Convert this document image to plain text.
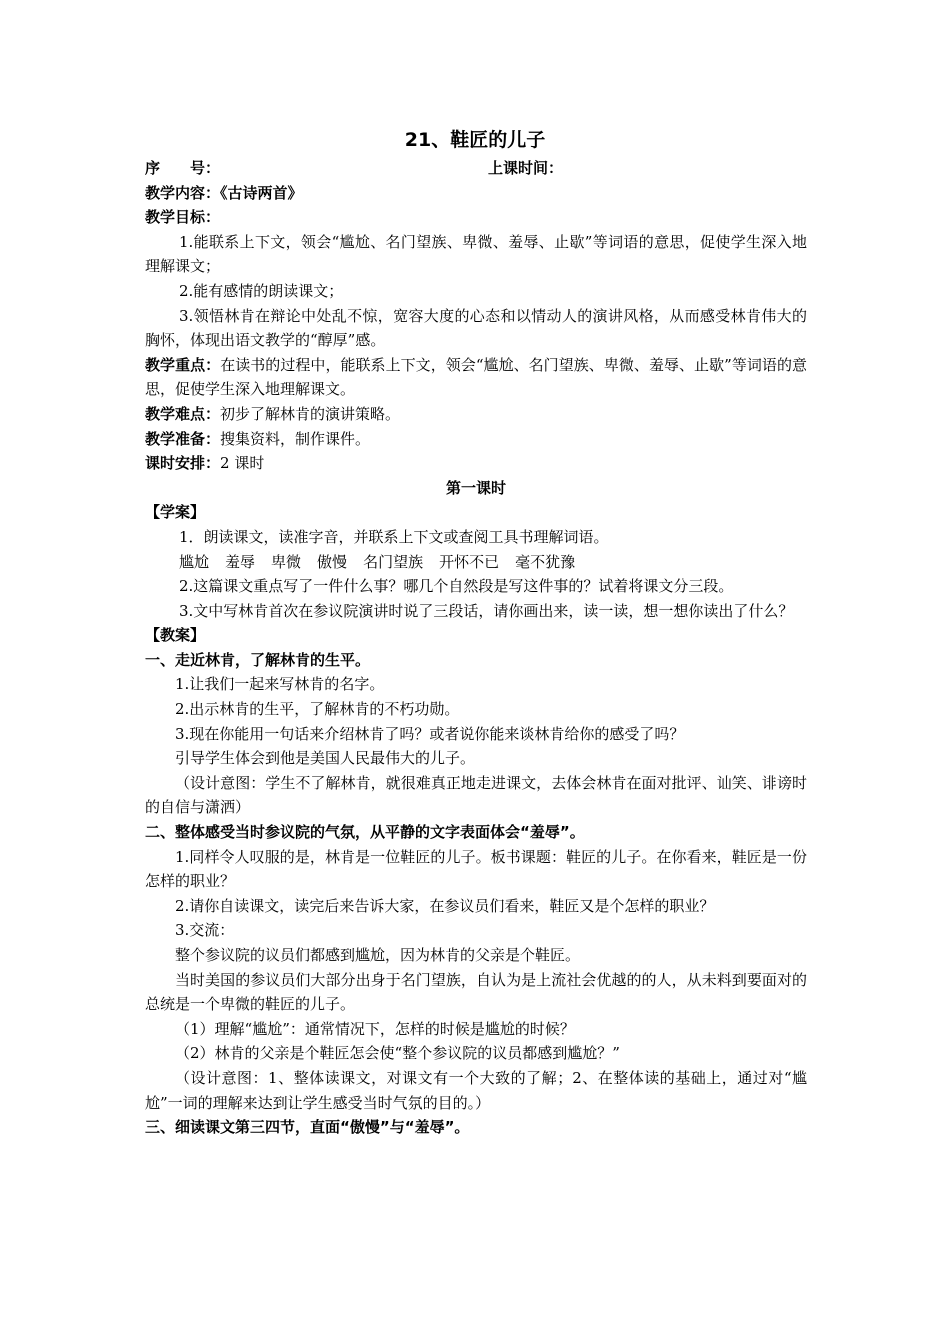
21、鞋匠的儿子
序　　号：	上课时间：

教学内容：《古诗两首》

教学目标：

1.能联系上下文，领会“尴尬、名门望族、卑微、羞辱、止歇”等词语的意思，促使学生深入地理解课文；

2.能有感情的朗读课文；

3.领悟林肯在辩论中处乱不惊，宽容大度的心态和以情动人的演讲风格，从而感受林肯伟大的胸怀，体现出语文教学的“醇厚”感。

教学重点：在读书的过程中，能联系上下文，领会“尴尬、名门望族、卑微、羞辱、止歇”等词语的意思，促使学生深入地理解课文。

教学难点：初步了解林肯的演讲策略。

教学准备：搜集资料，制作课件。

课时安排：2 课时

第一课时

【学案】

1．朗读课文，读准字音，并联系上下文或查阅工具书理解词语。

尴尬 羞辱 卑微 傲慢 名门望族 开怀不已 毫不犹豫

2.这篇课文重点写了一件什么事？哪几个自然段是写这件事的？试着将课文分三段。

3.文中写林肯首次在参议院演讲时说了三段话，请你画出来，读一读，想一想你读出了什么？

【教案】

一、走近林肯，了解林肯的生平。

1.让我们一起来写林肯的名字。

2.出示林肯的生平，了解林肯的不朽功勋。

3.现在你能用一句话来介绍林肯了吗？或者说你能来谈林肯给你的感受了吗？

引导学生体会到他是美国人民最伟大的儿子。

（设计意图：学生不了解林肯，就很难真正地走进课文，去体会林肯在面对批评、讪笑、诽谤时的自信与潇洒）

二、整体感受当时参议院的气氛，从平静的文字表面体会“羞辱”。

1.同样令人叹服的是，林肯是一位鞋匠的儿子。板书课题：鞋匠的儿子。在你看来，鞋匠是一份怎样的职业？

2.请你自读课文，读完后来告诉大家，在参议员们看来，鞋匠又是个怎样的职业？

3.交流：

整个参议院的议员们都感到尴尬，因为林肯的父亲是个鞋匠。

当时美国的参议员们大部分出身于名门望族，自认为是上流社会优越的的人，从未料到要面对的总统是一个卑微的鞋匠的儿子。

（1）理解“尴尬”：通常情况下，怎样的时候是尴尬的时候？

（2）林肯的父亲是个鞋匠怎会使“整个参议院的议员都感到尴尬？”

（设计意图：1、整体读课文，对课文有一个大致的了解；2、在整体读的基础上，通过对“尴尬”一词的理解来达到让学生感受当时气氛的目的。）

三、细读课文第三四节，直面“傲慢”与“羞辱”。
